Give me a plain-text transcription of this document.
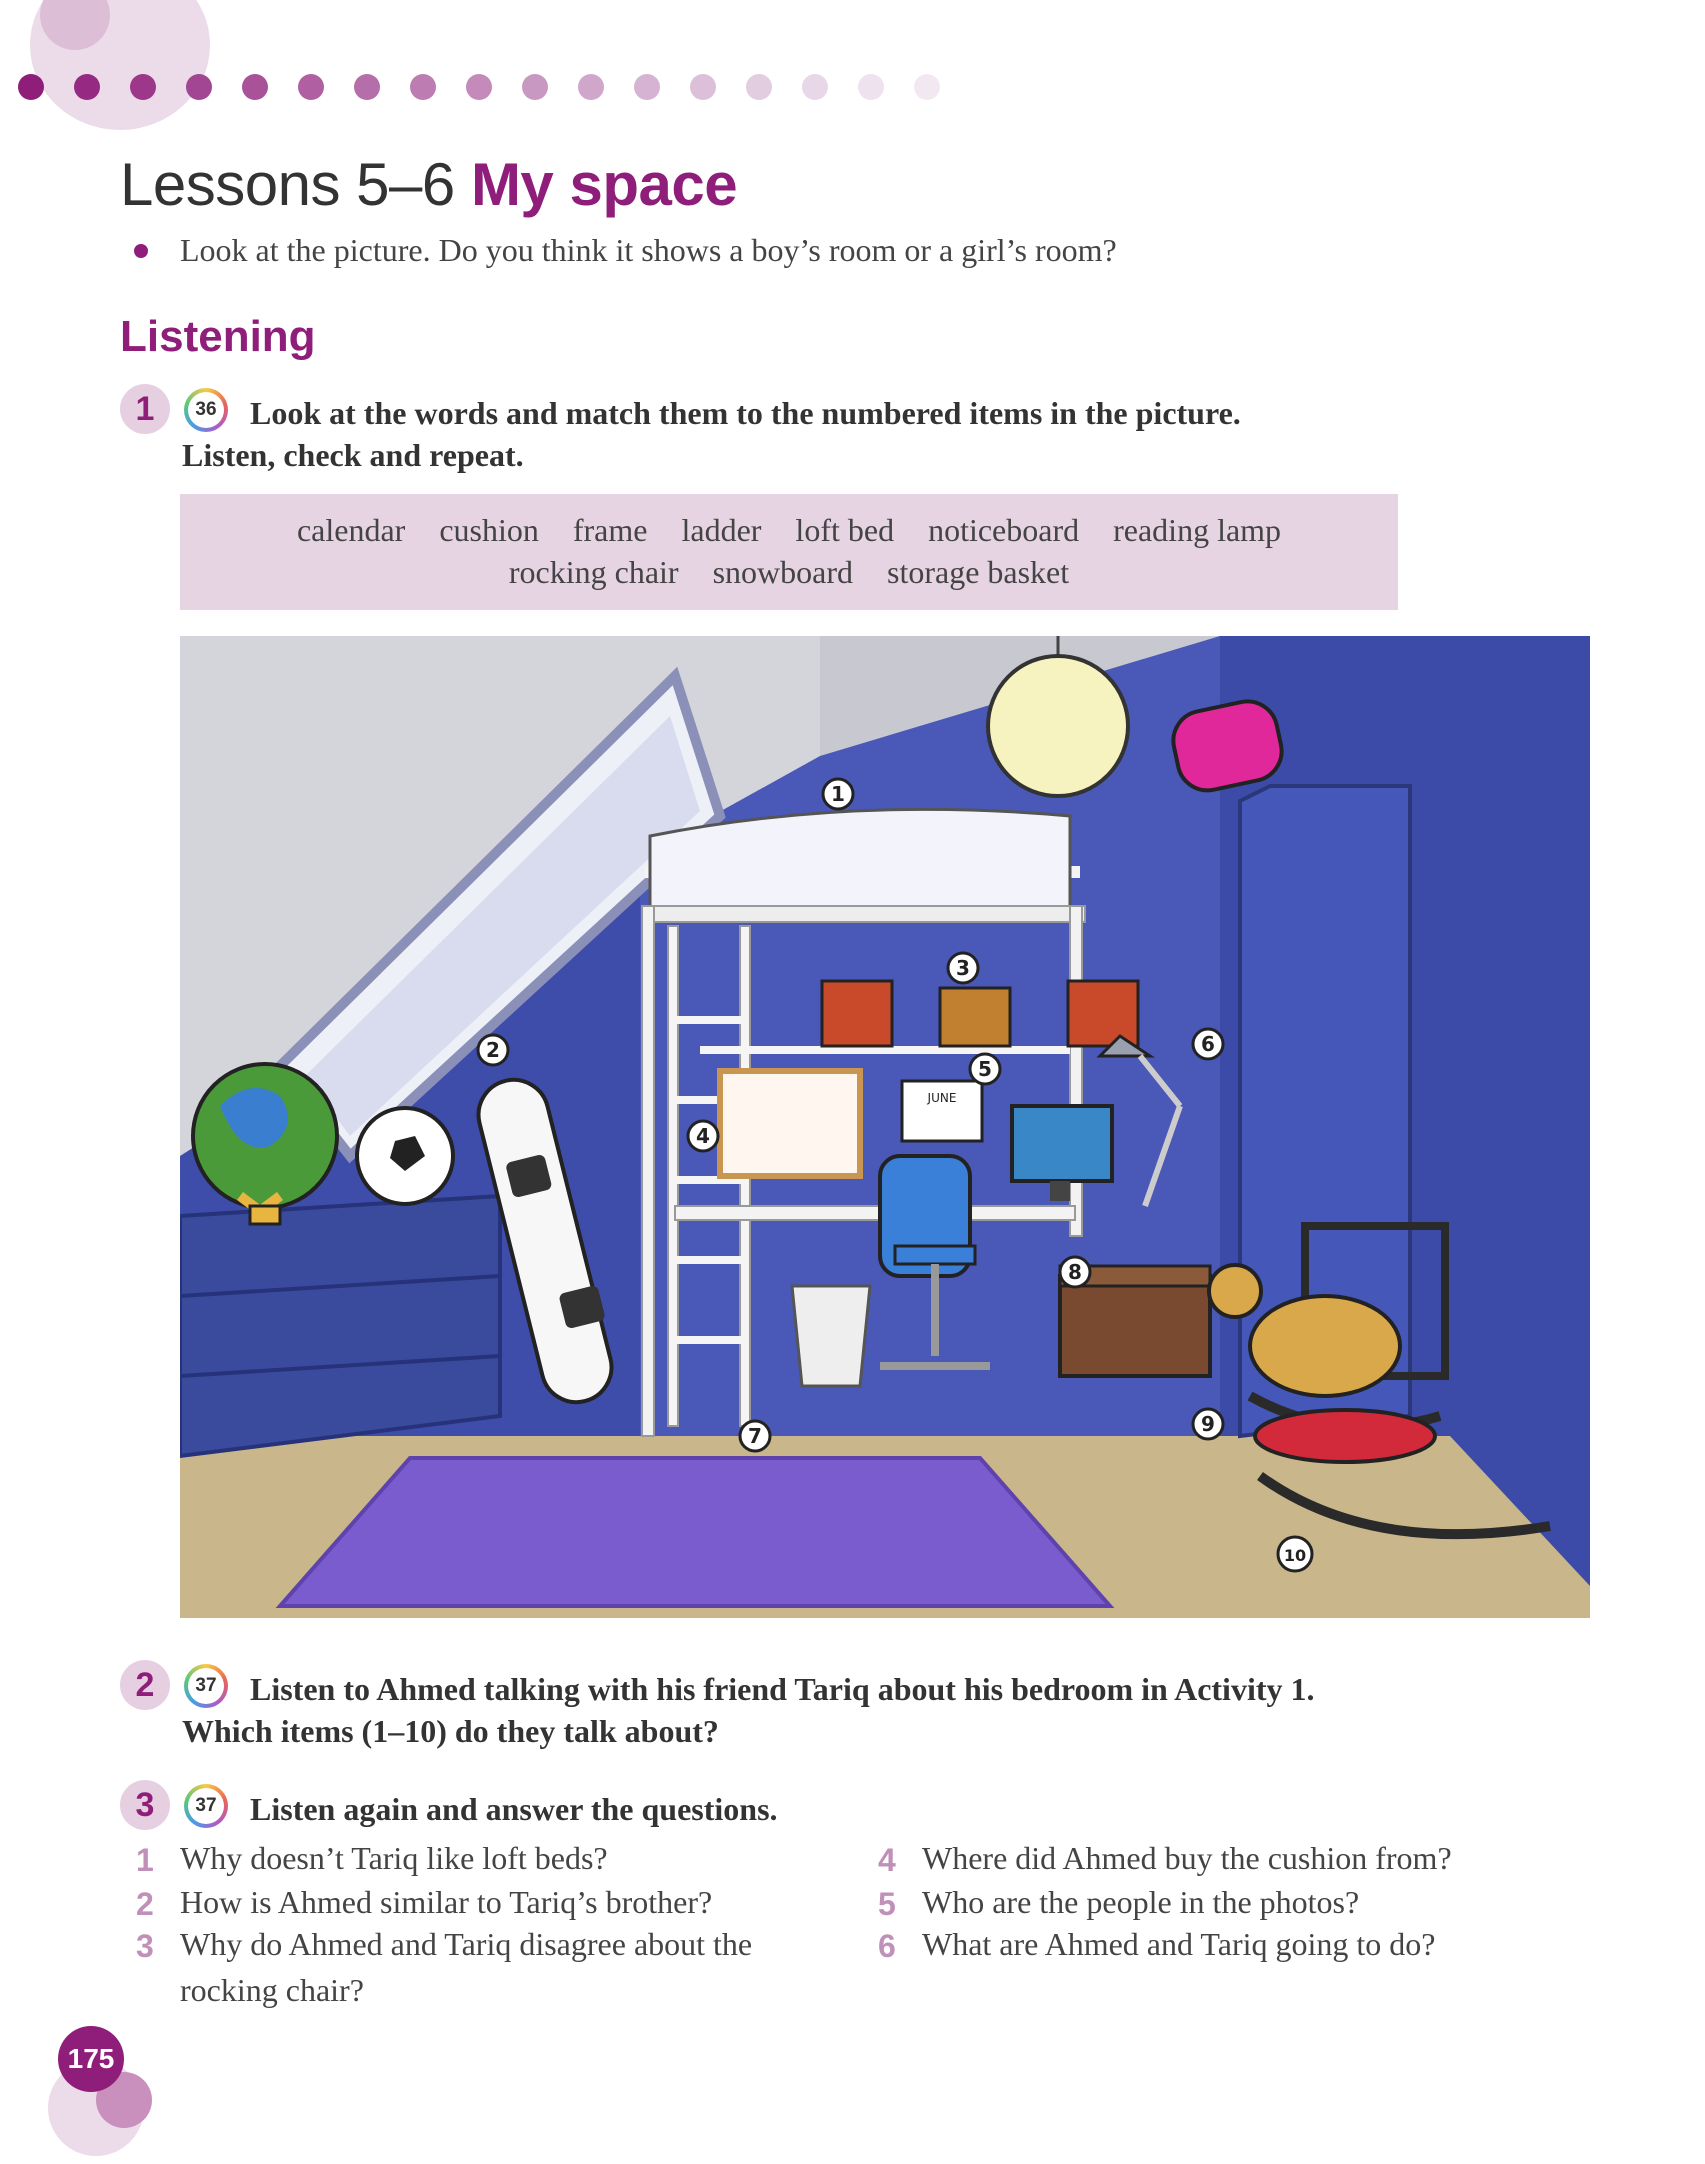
Lessons 5–6 My space
Look at the picture. Do you think it shows a boy’s room or a girl’s room?
Listening
1	36 Look at the words and match them to the numbered items in the picture.
Listen, check and repeat.
calendar cushion frame ladder loft bed noticeboard reading lamp
rocking chair snowboard storage basket
JUNE
1
2
3
4
5
6
7
8
9
10
2	37 Listen to Ahmed talking with his friend Tariq about his bedroom in Activity 1.
Which items (1–10) do they talk about?
3	37 Listen again and answer the questions.
1 Why doesn’t Tariq like loft beds?
2 How is Ahmed similar to Tariq’s brother?
3 Why do Ahmed and Tariq disagree about the
rocking chair?
4 Where did Ahmed buy the cushion from?
5 Who are the people in the photos?
6 What are Ahmed and Tariq going to do?
175
